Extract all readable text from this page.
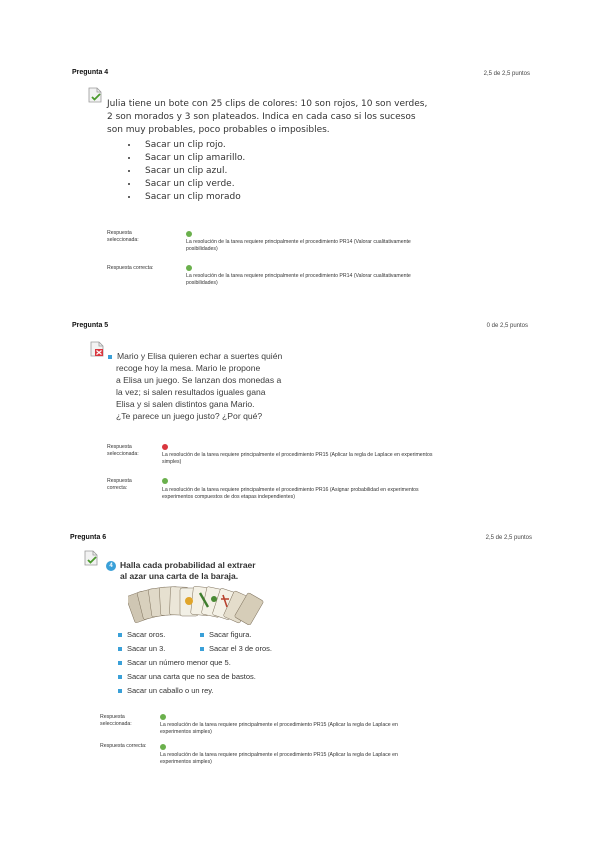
Pregunta 4	2,5 de 2,5 puntos
Julia tiene un bote con 25 clips de colores: 10 son rojos, 10 son verdes,
2 son morados y 3 son plateados. Indica en cada caso si los sucesos
son muy probables, poco probables o imposibles.
• Sacar un clip rojo.
• Sacar un clip amarillo.
• Sacar un clip azul.
• Sacar un clip verde.
• Sacar un clip morado
Respuesta
seleccionada:	La resolución de la tarea requiere principalmente el procedimiento PR14 (Valorar cualitativamente
posibilidades)
Respuesta correcta:
La resolución de la tarea requiere principalmente el procedimiento PR14 (Valorar cualitativamente
posibilidades)
Pregunta 5	0 de 2,5 puntos
Mario y Elisa quieren echar a suertes quién
recoge hoy la mesa. Mario le propone
a Elisa un juego. Se lanzan dos monedas a
la vez; si salen resultados iguales gana
Elisa y si salen distintos gana Mario.
¿Te parece un juego justo? ¿Por qué?
Respuesta
seleccionada:	La resolución de la tarea requiere principalmente el procedimiento PR15 (Aplicar la regla de Laplace en experimentos
simples)
Respuesta
correcta:	La resolución de la tarea requiere principalmente el procedimiento PR16 (Asignar probabilidad en experimentos
experimentos compuestos de dos etapas independientes)
Pregunta 6	2,5 de 2,5 puntos
4 Halla cada probabilidad al extraer
al azar una carta de la baraja.
Sacar oros.	Sacar figura.
Sacar un 3.	Sacar el 3 de oros.
Sacar un número menor que 5.
Sacar una carta que no sea de bastos.
Sacar un caballo o un rey.
Respuesta
seleccionada:	La resolución de la tarea requiere principalmente el procedimiento PR15 (Aplicar la regla de Laplace en
experimentos simples)
Respuesta correcta:
La resolución de la tarea requiere principalmente el procedimiento PR15 (Aplicar la regla de Laplace en
experimentos simples)
